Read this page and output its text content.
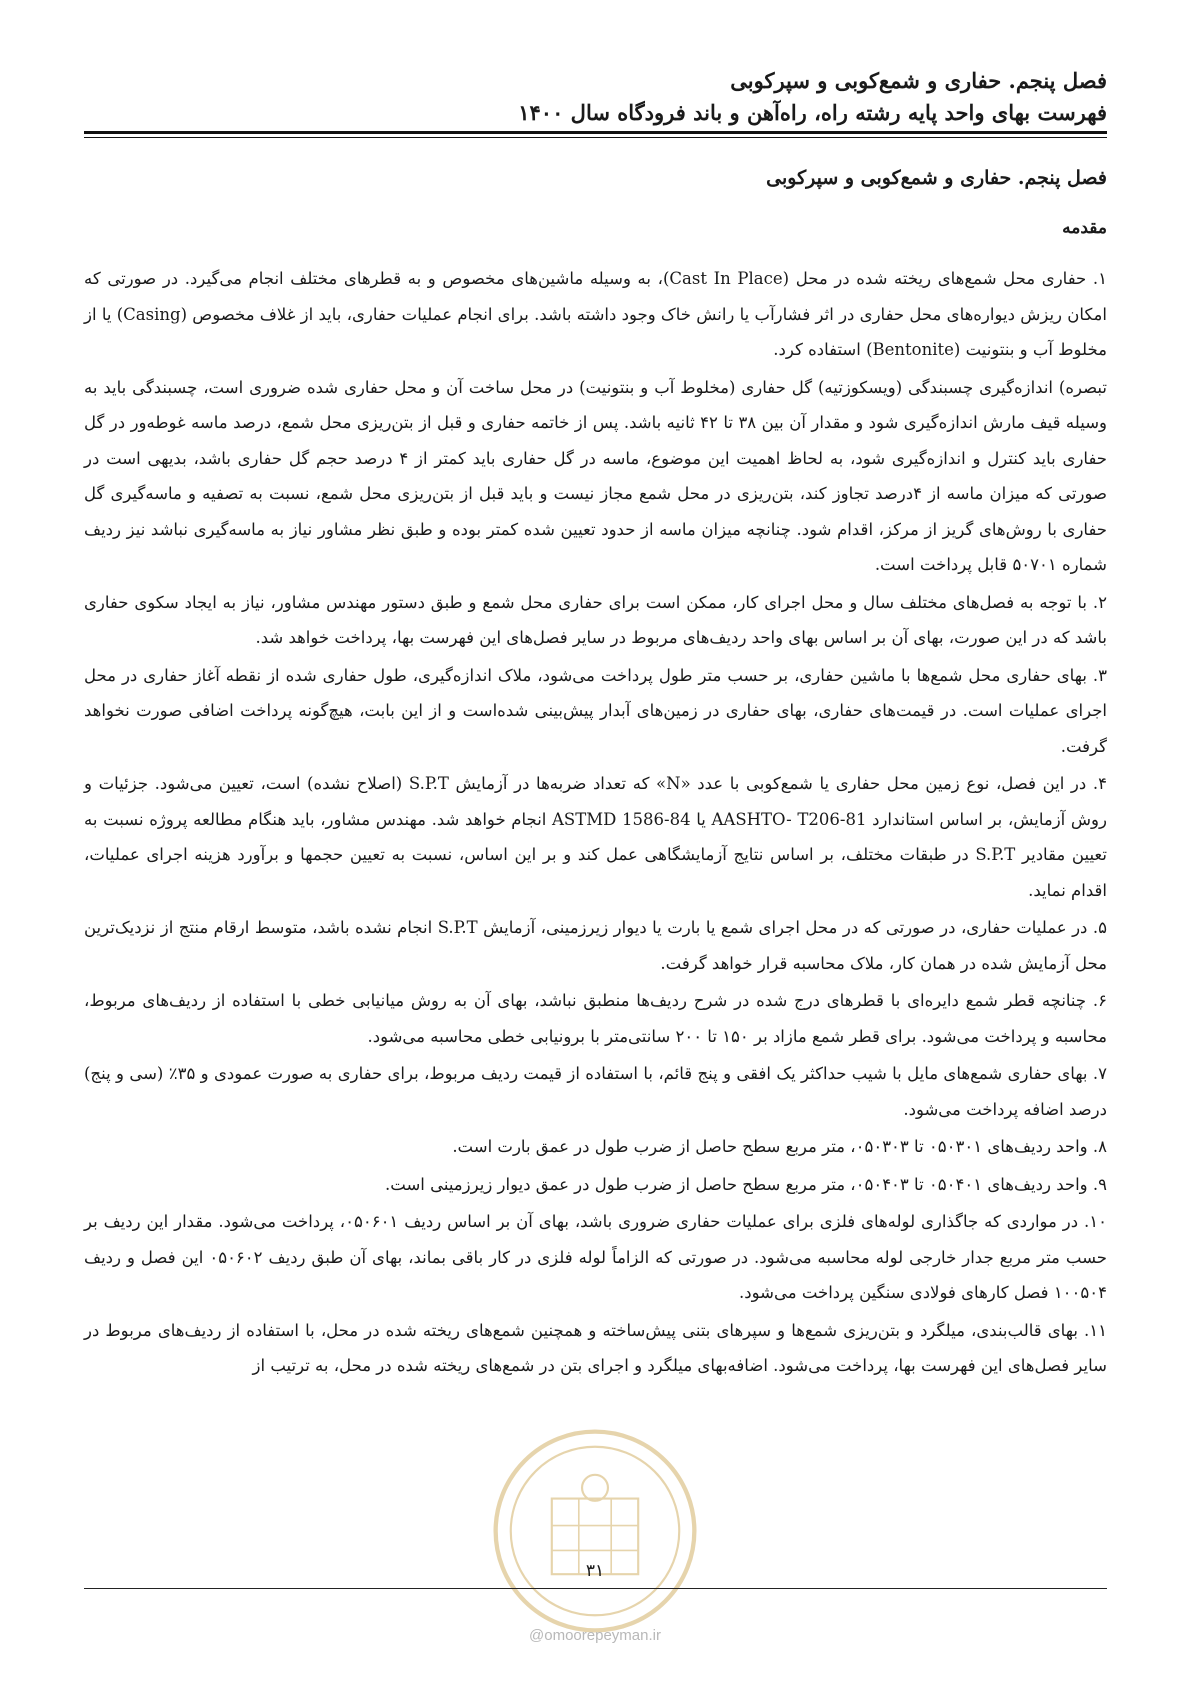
فصل پنجم. حفاری و شمع‌کوبی و سپرکوبی
فهرست بهای واحد پایه رشته راه، راه‌آهن و باند فرودگاه سال ۱۴۰۰
فصل پنجم. حفاری و شمع‌کوبی و سپرکوبی
مقدمه

۱. حفاری محل شمع‌های ریخته شده در محل (Cast In Place)، به وسیله ماشین‌های مخصوص و به قطرهای مختلف انجام می‌گیرد. در صورتی که امکان ریزش دیواره‌های محل حفاری در اثر فشارآب یا رانش خاک وجود داشته باشد. برای انجام عملیات حفاری، باید از غلاف مخصوص (Casing) یا از مخلوط آب و بنتونیت (Bentonite) استفاده کرد.

تبصره) اندازه‌گیری چسبندگی (ویسکوزتیه) گل حفاری (مخلوط آب و بنتونیت) در محل ساخت آن و محل حفاری شده ضروری است، چسبندگی باید به وسیله قیف مارش اندازه‌گیری شود و مقدار آن بین ۳۸ تا ۴۲ ثانیه باشد. پس از خاتمه حفاری و قبل از بتن‌ریزی محل شمع، درصد ماسه غوطه‌ور در گل حفاری باید کنترل و اندازه‌گیری شود، به لحاظ اهمیت این موضوع، ماسه در گل حفاری باید کمتر از ۴ درصد حجم گل حفاری باشد، بدیهی است در صورتی که میزان ماسه از ۴درصد تجاوز کند، بتن‌ریزی در محل شمع مجاز نیست و باید قبل از بتن‌ریزی محل شمع، نسبت به تصفیه و ماسه‌گیری گل حفاری با روش‌های گریز از مرکز، اقدام شود. چنانچه میزان ماسه از حدود تعیین شده کمتر بوده و طبق نظر مشاور نیاز به ماسه‌گیری نباشد نیز ردیف شماره ۵۰۷۰۱ قابل پرداخت است.

۲. با توجه به فصل‌های مختلف سال و محل اجرای کار، ممکن است برای حفاری محل شمع و طبق دستور مهندس مشاور، نیاز به ایجاد سکوی حفاری باشد که در این صورت، بهای آن بر اساس بهای واحد ردیف‌های مربوط در سایر فصل‌های این فهرست بها، پرداخت خواهد شد.

۳. بهای حفاری محل شمع‌ها با ماشین حفاری، بر حسب متر طول پرداخت می‌شود، ملاک اندازه‌گیری، طول حفاری شده از نقطه آغاز حفاری در محل اجرای عملیات است. در قیمت‌های حفاری، بهای حفاری در زمین‌های آبدار پیش‌بینی شده‌است و از این بابت، هیچ‌گونه پرداخت اضافی صورت نخواهد گرفت.

۴. در این فصل، نوع زمین محل حفاری یا شمع‌کوبی با عدد «N» که تعداد ضربه‌ها در آزمایش S.P.T (اصلاح نشده) است، تعیین می‌شود. جزئیات و روش آزمایش، بر اساس استاندارد AASHTO- T206-81 یا ASTMD 1586-84 انجام خواهد شد. مهندس مشاور، باید هنگام مطالعه پروژه نسبت به تعیین مقادیر S.P.T در طبقات مختلف، بر اساس نتایج آزمایشگاهی عمل کند و بر این اساس، نسبت به تعیین حجمها و برآورد هزینه اجرای عملیات، اقدام نماید.

۵. در عملیات حفاری، در صورتی که در محل اجرای شمع یا بارت یا دیوار زیرزمینی، آزمایش S.P.T انجام نشده باشد، متوسط ارقام منتج از نزدیک‌ترین محل آزمایش شده در همان کار، ملاک محاسبه قرار خواهد گرفت.

۶. چنانچه قطر شمع دایره‌ای با قطرهای درج شده در شرح ردیف‌ها منطبق نباشد، بهای آن به روش میانیابی خطی با استفاده از ردیف‌های مربوط، محاسبه و پرداخت می‌شود. برای قطر شمع مازاد بر ۱۵۰ تا ۲۰۰ سانتی‌متر با برونیابی خطی محاسبه می‌شود.

۷. بهای حفاری شمع‌های مایل با شیب حداکثر یک افقی و پنج قائم، با استفاده از قیمت ردیف مربوط، برای حفاری به صورت عمودی و ۳۵٪ (سی و پنج) درصد اضافه پرداخت می‌شود.

۸. واحد ردیف‌های ۰۵۰۳۰۱ تا ۰۵۰۳۰۳، متر مربع سطح حاصل از ضرب طول در عمق بارت است.

۹. واحد ردیف‌های ۰۵۰۴۰۱ تا ۰۵۰۴۰۳، متر مربع سطح حاصل از ضرب طول در عمق دیوار زیرزمینی است.

۱۰. در مواردی که جاگذاری لوله‌های فلزی برای عملیات حفاری ضروری باشد، بهای آن بر اساس ردیف ۰۵۰۶۰۱، پرداخت می‌شود. مقدار این ردیف بر حسب متر مربع جدار خارجی لوله محاسبه می‌شود. در صورتی که الزاماً لوله فلزی در کار باقی بماند، بهای آن طبق ردیف ۰۵۰۶۰۲ این فصل و ردیف ۱۰۰۵۰۴ فصل کارهای فولادی سنگین پرداخت می‌شود.

۱۱. بهای قالب‌بندی، میلگرد و بتن‌ریزی شمع‌ها و سپرهای بتنی پیش‌ساخته و همچنین شمع‌های ریخته شده در محل، با استفاده از ردیف‌های مربوط در سایر فصل‌های این فهرست بها، پرداخت می‌شود. اضافه‌بهای میلگرد و اجرای بتن در شمع‌های ریخته شده در محل، به ترتیب از

۳۱
@omoorepeyman.ir
